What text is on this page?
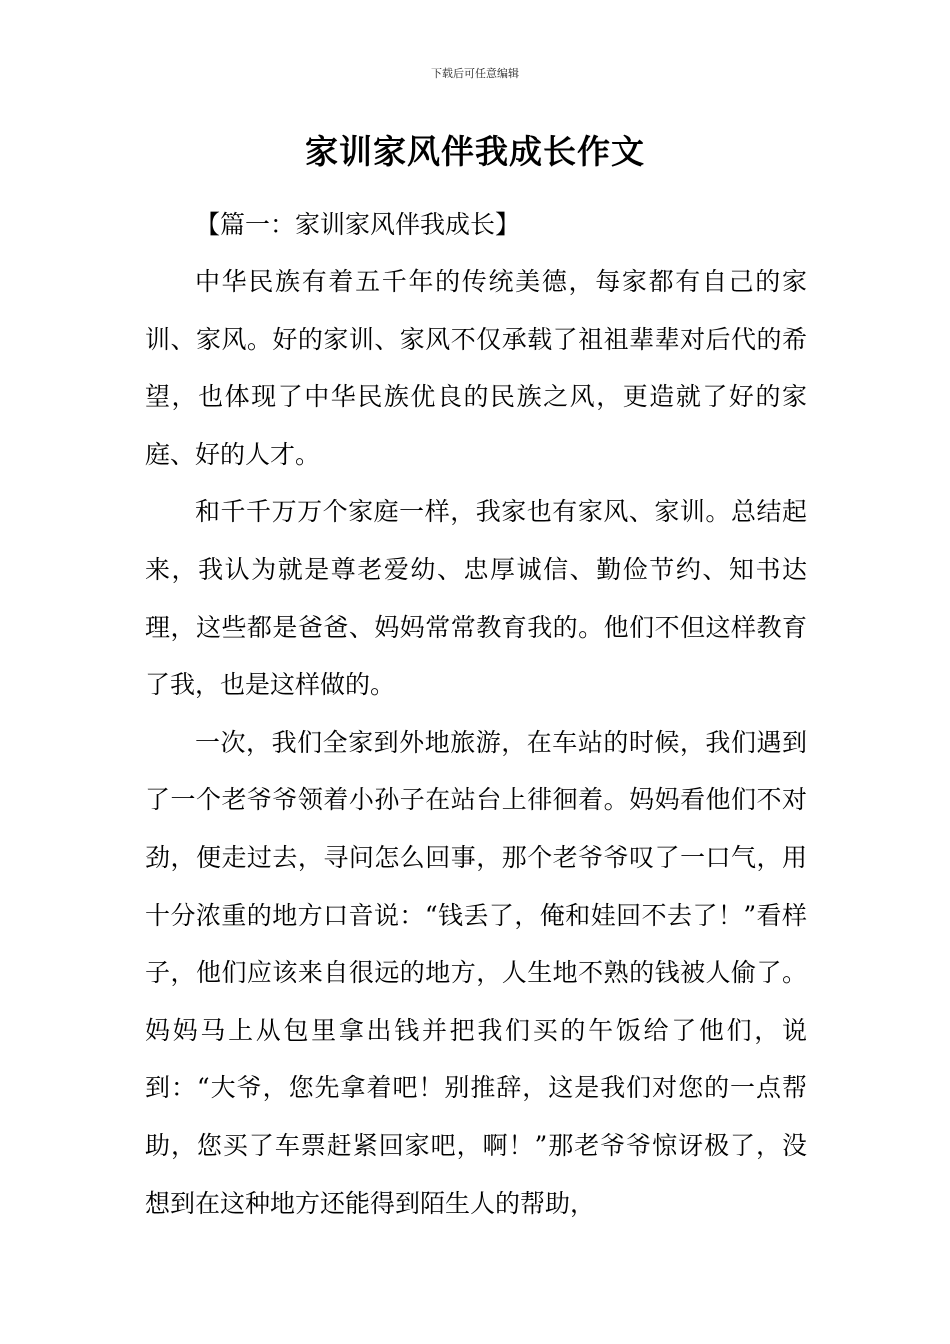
下载后可任意编辑
家训家风伴我成长作文

【篇一：家训家风伴我成长】

中华民族有着五千年的传统美德，每家都有自己的家训、家风。好的家训、家风不仅承载了祖祖辈辈对后代的希望，也体现了中华民族优良的民族之风，更造就了好的家庭、好的人才。

和千千万万个家庭一样，我家也有家风、家训。总结起来，我认为就是尊老爱幼、忠厚诚信、勤俭节约、知书达理，这些都是爸爸、妈妈常常教育我的。他们不但这样教育了我，也是这样做的。

一次，我们全家到外地旅游，在车站的时候，我们遇到了一个老爷爷领着小孙子在站台上徘徊着。妈妈看他们不对劲，便走过去，寻问怎么回事，那个老爷爷叹了一口气，用十分浓重的地方口音说：“钱丢了，俺和娃回不去了！”看样子，他们应该来自很远的地方，人生地不熟的钱被人偷了。妈妈马上从包里拿出钱并把我们买的午饭给了他们，说到：“大爷，您先拿着吧！别推辞，这是我们对您的一点帮助，您买了车票赶紧回家吧，啊！”那老爷爷惊讶极了，没想到在这种地方还能得到陌生人的帮助，
